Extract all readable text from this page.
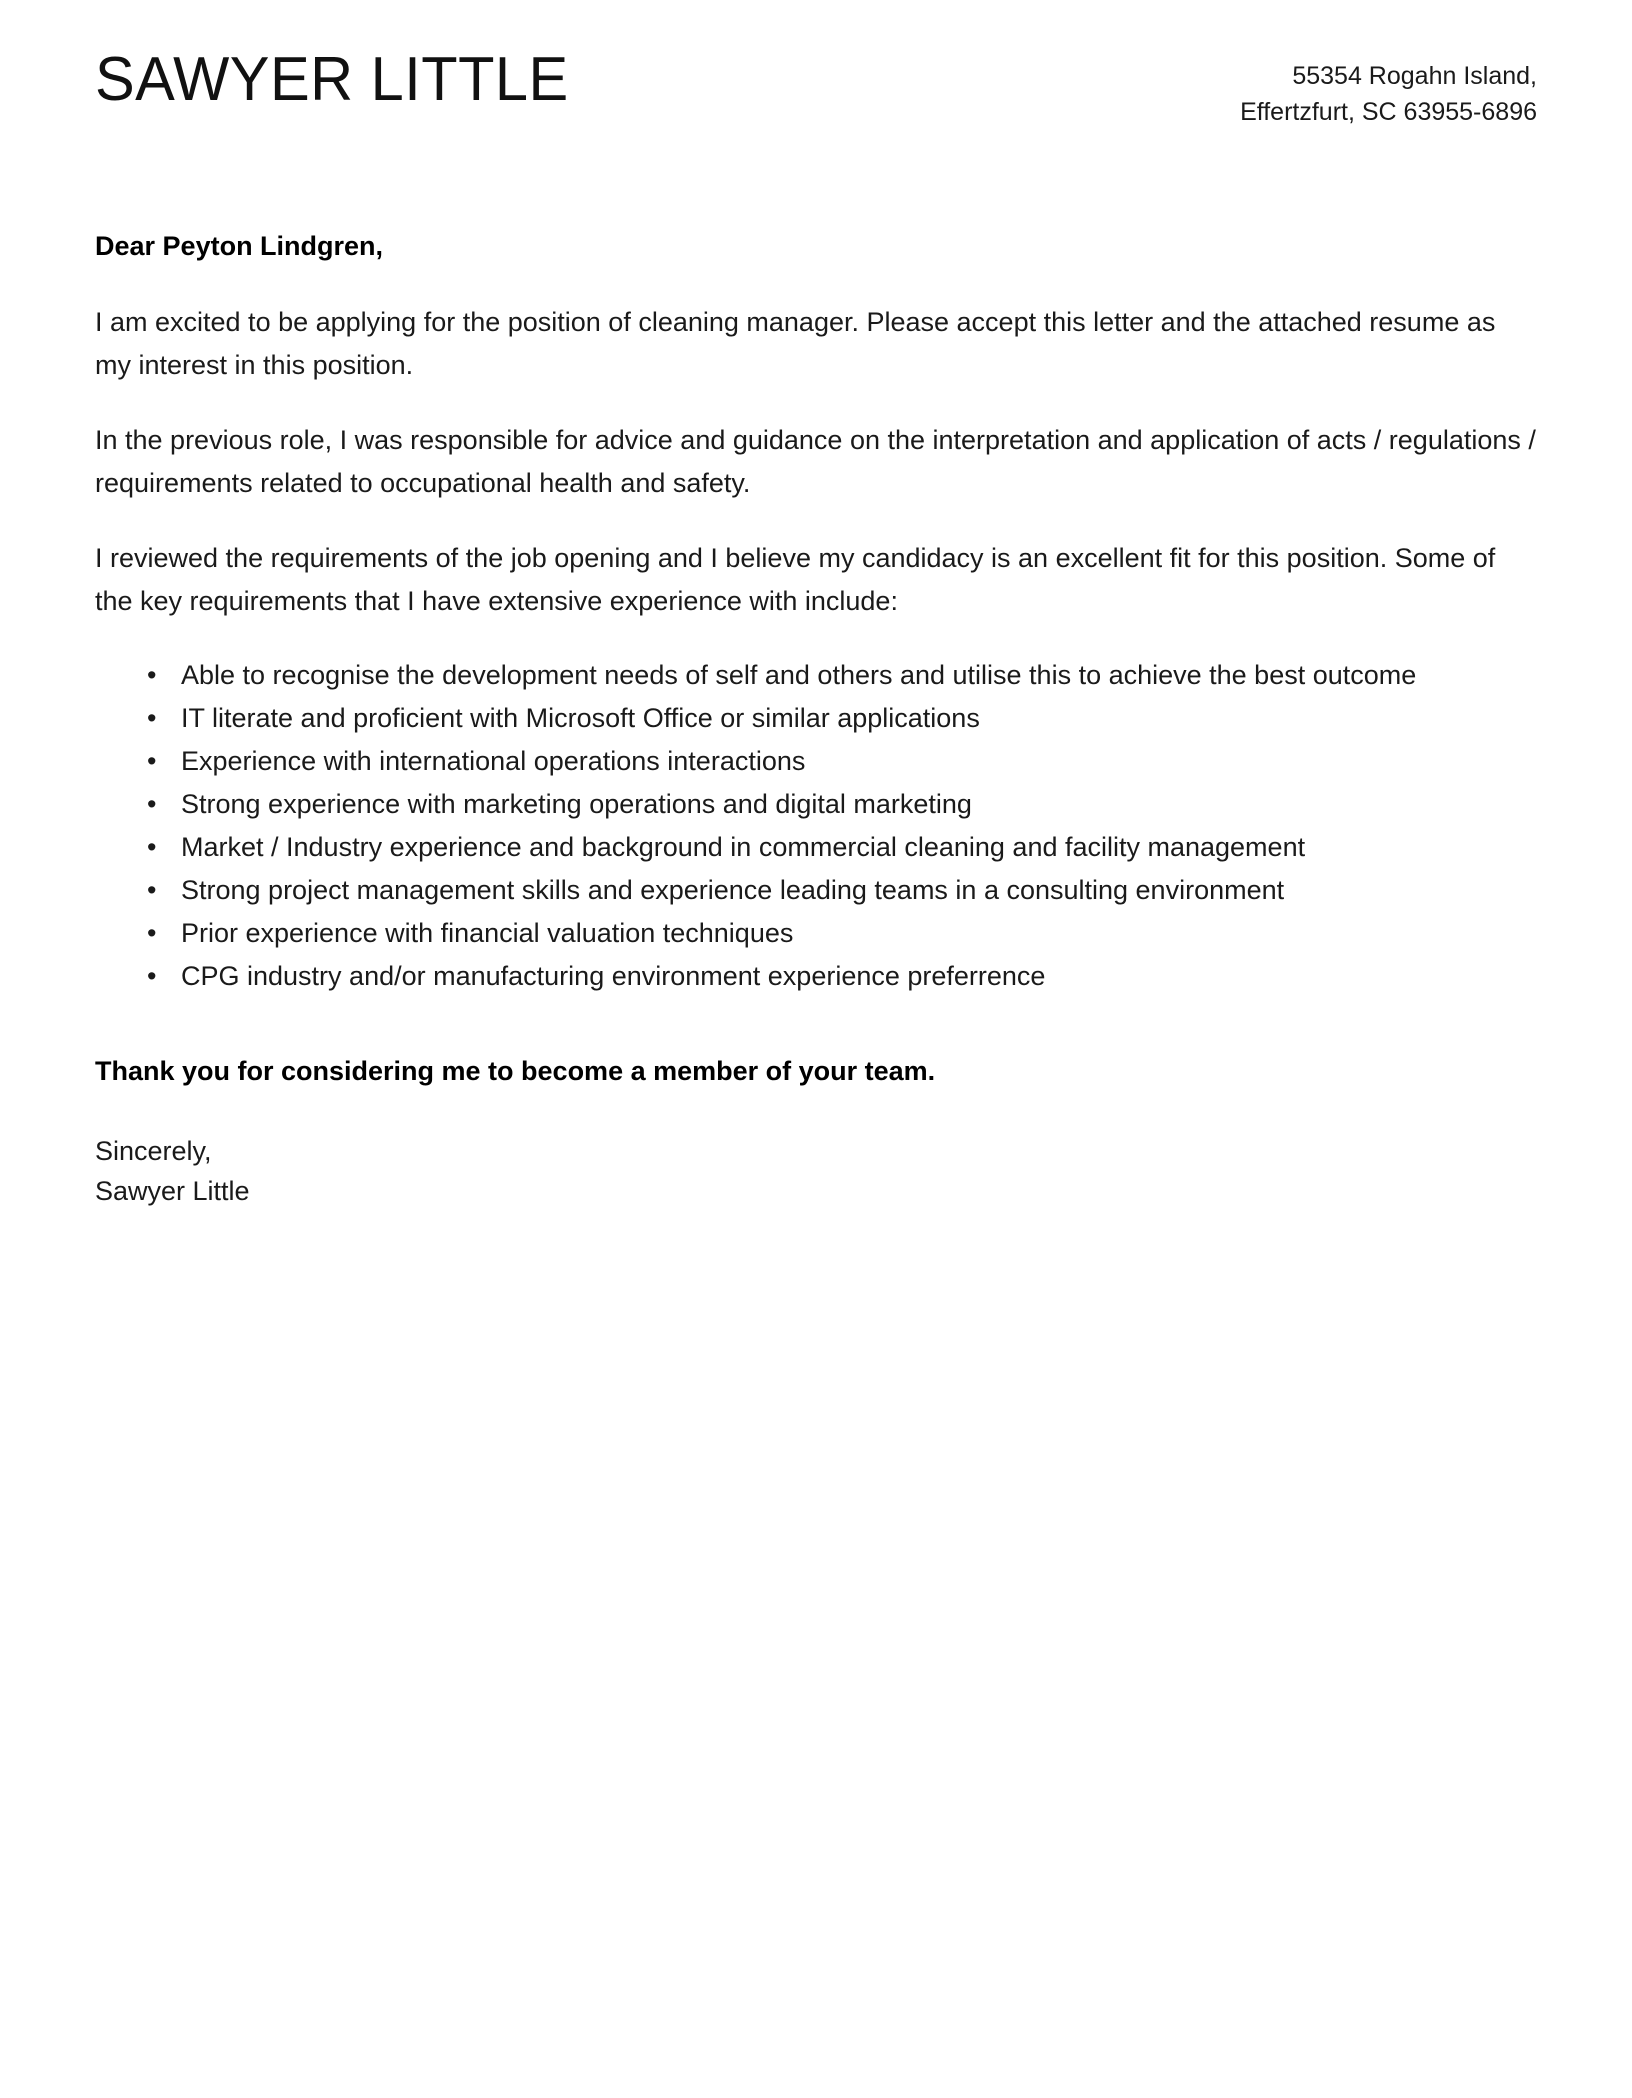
SAWYER LITTLE	55354 Rogahn Island,
Effertzfurt, SC 63955-6896
Dear Peyton Lindgren,

I am excited to be applying for the position of cleaning manager. Please accept this letter and the attached resume as my interest in this position.

In the previous role, I was responsible for advice and guidance on the interpretation and application of acts / regulations / requirements related to occupational health and safety.

I reviewed the requirements of the job opening and I believe my candidacy is an excellent fit for this position. Some of the key requirements that I have extensive experience with include:

• Able to recognise the development needs of self and others and utilise this to achieve the best outcome
• IT literate and proficient with Microsoft Office or similar applications
• Experience with international operations interactions
• Strong experience with marketing operations and digital marketing
• Market / Industry experience and background in commercial cleaning and facility management
• Strong project management skills and experience leading teams in a consulting environment
• Prior experience with financial valuation techniques
• CPG industry and/or manufacturing environment experience preferrence
Thank you for considering me to become a member of your team.
Sincerely,
Sawyer Little
